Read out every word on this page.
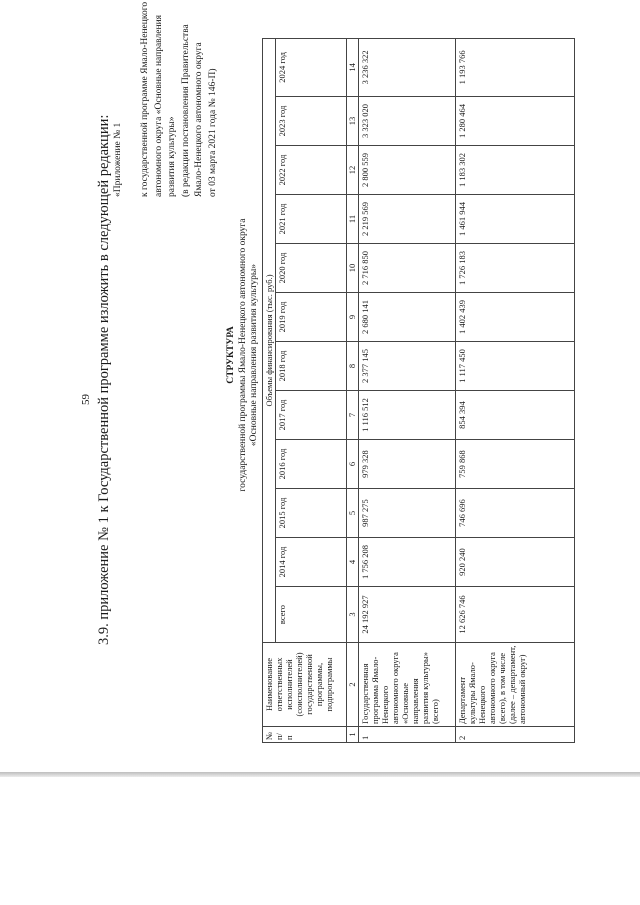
59 3.9. приложение № 1 к Государственной программе изложить в следующей редакции: «Приложение № 1 к государственной программе Ямало-Ненецкого автономного округа «Основные направления развития культуры» (в редакции постановления Правительства Ямало-Ненецкого автономного округа от 03 марта 2021 года № 146-П)
СТРУКТУРА государственной программы Ямало-Ненецкого автономного округа «Основные направления развития культуры»
№ п/п	Наименование ответственных исполнителей (соисполнителей) государственной программы, подпрограммы	Объемы финансирования (тыс. руб.)											
		всего	2014 год	2015 год	2016 год	2017 год	2018 год	2019 год	2020 год	2021 год	2022 год	2023 год	2024 год
1	2	3	4	5	6	7	8	9	10	11	12	13	14
1	Государственная программа Ямало-Ненецкого автономного округа «Основные направления развития культуры» (всего)	24 192 927	1 756 208	987 275	979 328	1 116 512	2 377 145	2 680 141	2 716 850	2 219 569	2 800 559	3 323 020	3 236 322
2	Департамент культуры Ямало-Ненецкого автономного округа (всего), в том числе (далее – департамент, автономный округ)	12 626 746	920 240	746 696	759 868	854 394	1 117 450	1 402 439	1 726 183	1 461 944	1 183 302	1 280 464	1 193 766
